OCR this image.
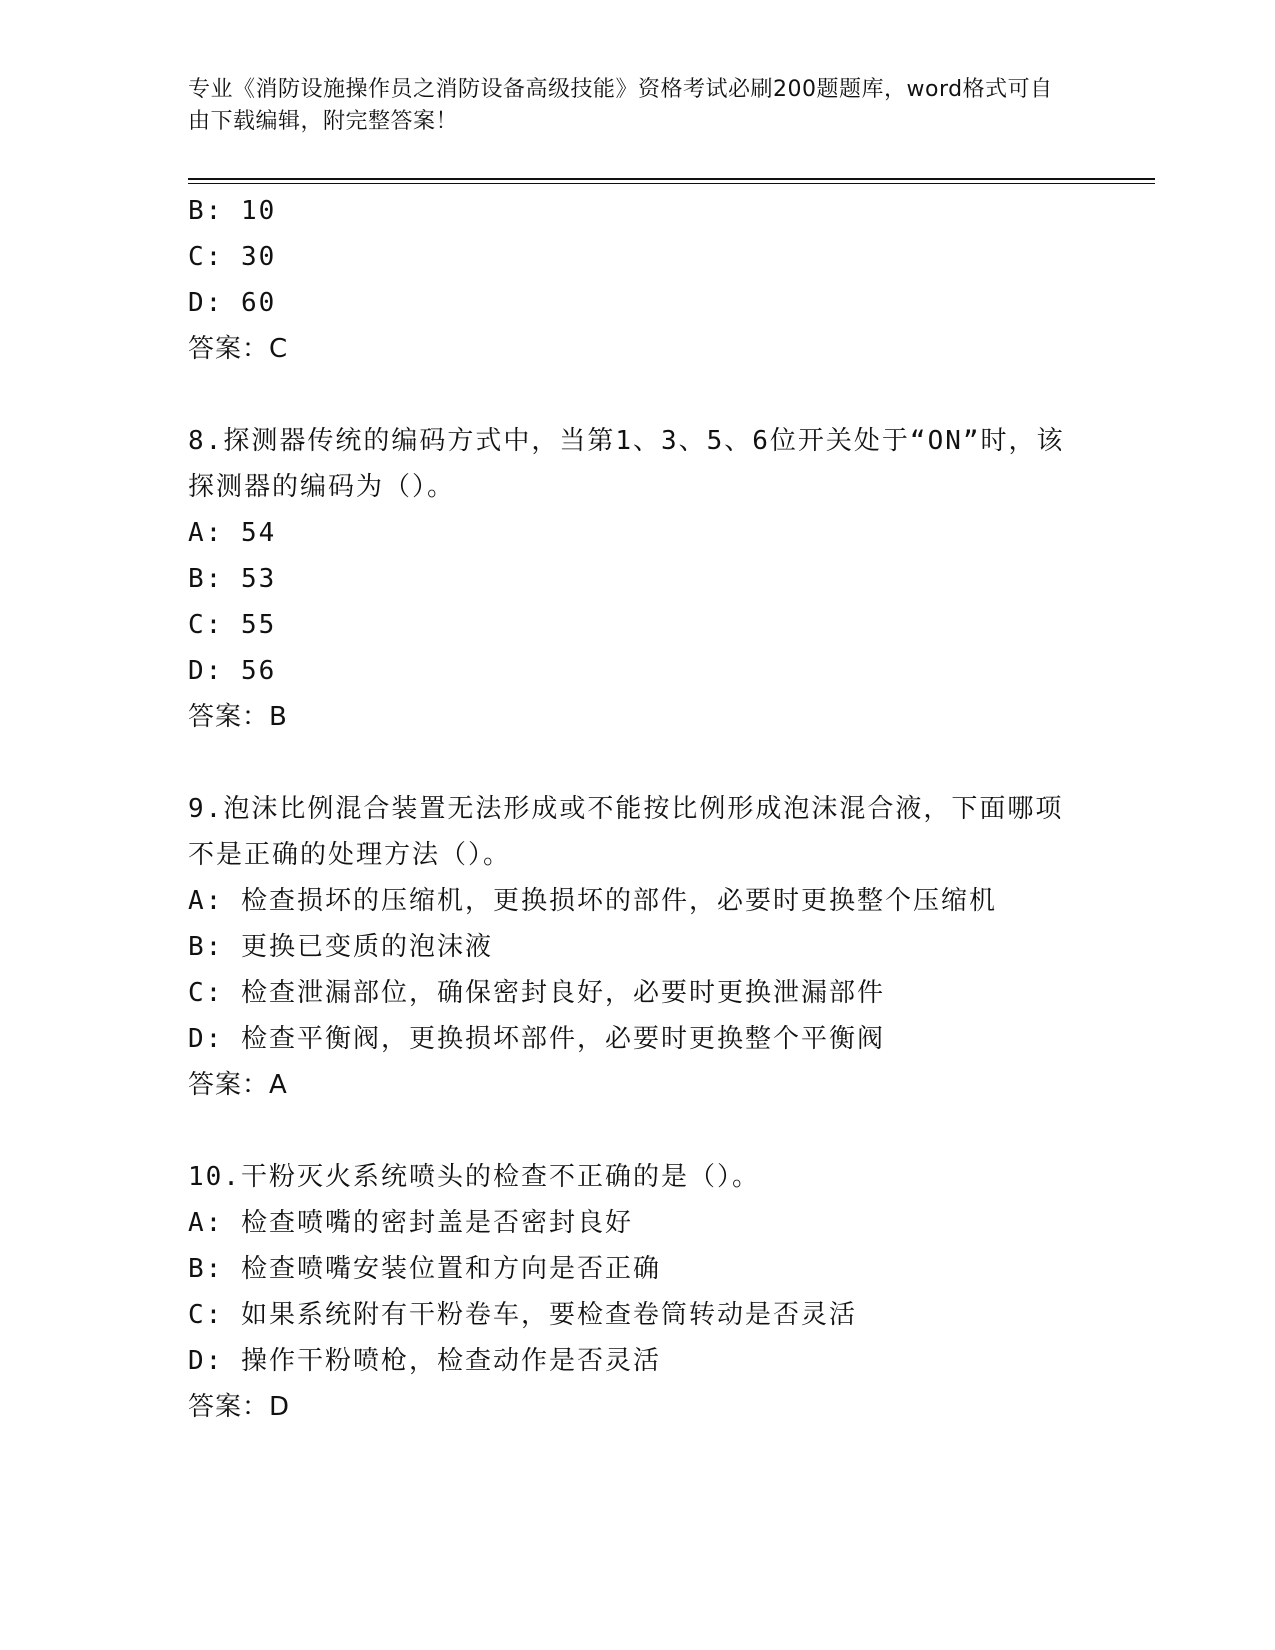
专业《消防设施操作员之消防设备高级技能》资格考试必刷200题题库，word格式可自由下载编辑，附完整答案！
B: 10
C: 30
D: 60
答案：C
8.探测器传统的编码方式中，当第1、3、5、6位开关处于“ON”时，该探测器的编码为（）。
A: 54
B: 53
C: 55
D: 56
答案：B
9.泡沫比例混合装置无法形成或不能按比例形成泡沫混合液，下面哪项不是正确的处理方法（）。
A: 检查损坏的压缩机，更换损坏的部件，必要时更换整个压缩机
B: 更换已变质的泡沫液
C: 检查泄漏部位，确保密封良好，必要时更换泄漏部件
D: 检查平衡阀，更换损坏部件，必要时更换整个平衡阀
答案：A
10.干粉灭火系统喷头的检查不正确的是（）。
A: 检查喷嘴的密封盖是否密封良好
B: 检查喷嘴安装位置和方向是否正确
C: 如果系统附有干粉卷车，要检查卷筒转动是否灵活
D: 操作干粉喷枪，检查动作是否灵活
答案：D
